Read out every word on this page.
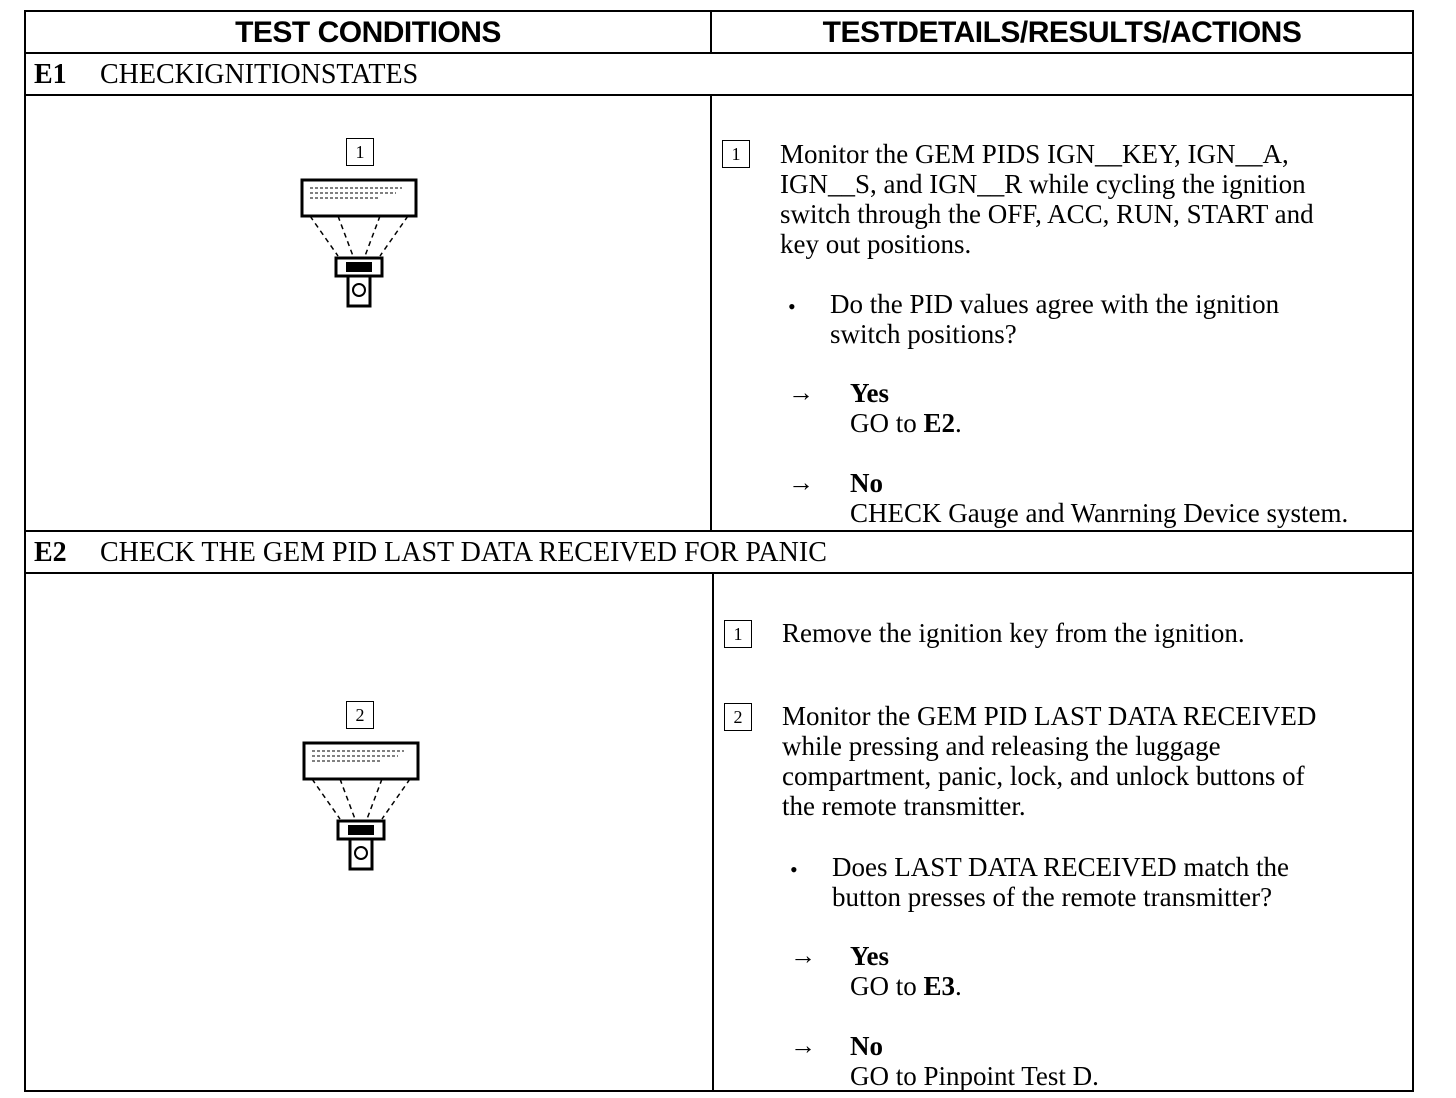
TEST CONDITIONS	TESTDETAILS/RESULTS/ACTIONS
E1 CHECKIGNITIONSTATES
1	1	Monitor the GEM PIDS IGN__KEY, IGN__A,
IGN__S, and IGN__R while cycling the ignition
switch through the OFF, ACC, RUN, START and
key out positions.
• Do the PID values agree with the ignition
switch positions?
→ Yes
GO to E2.
→ No
CHECK Gauge and Wanrning Device system.
E2 CHECK THE GEM PID LAST DATA RECEIVED FOR PANIC
2
1	Remove the ignition key from the ignition.
2	Monitor the GEM PID LAST DATA RECEIVED
while pressing and releasing the luggage
compartment, panic, lock, and unlock buttons of
the remote transmitter.
• Does LAST DATA RECEIVED match the
button presses of the remote transmitter?
→ Yes
GO to E3.
→ No
GO to Pinpoint Test D.
